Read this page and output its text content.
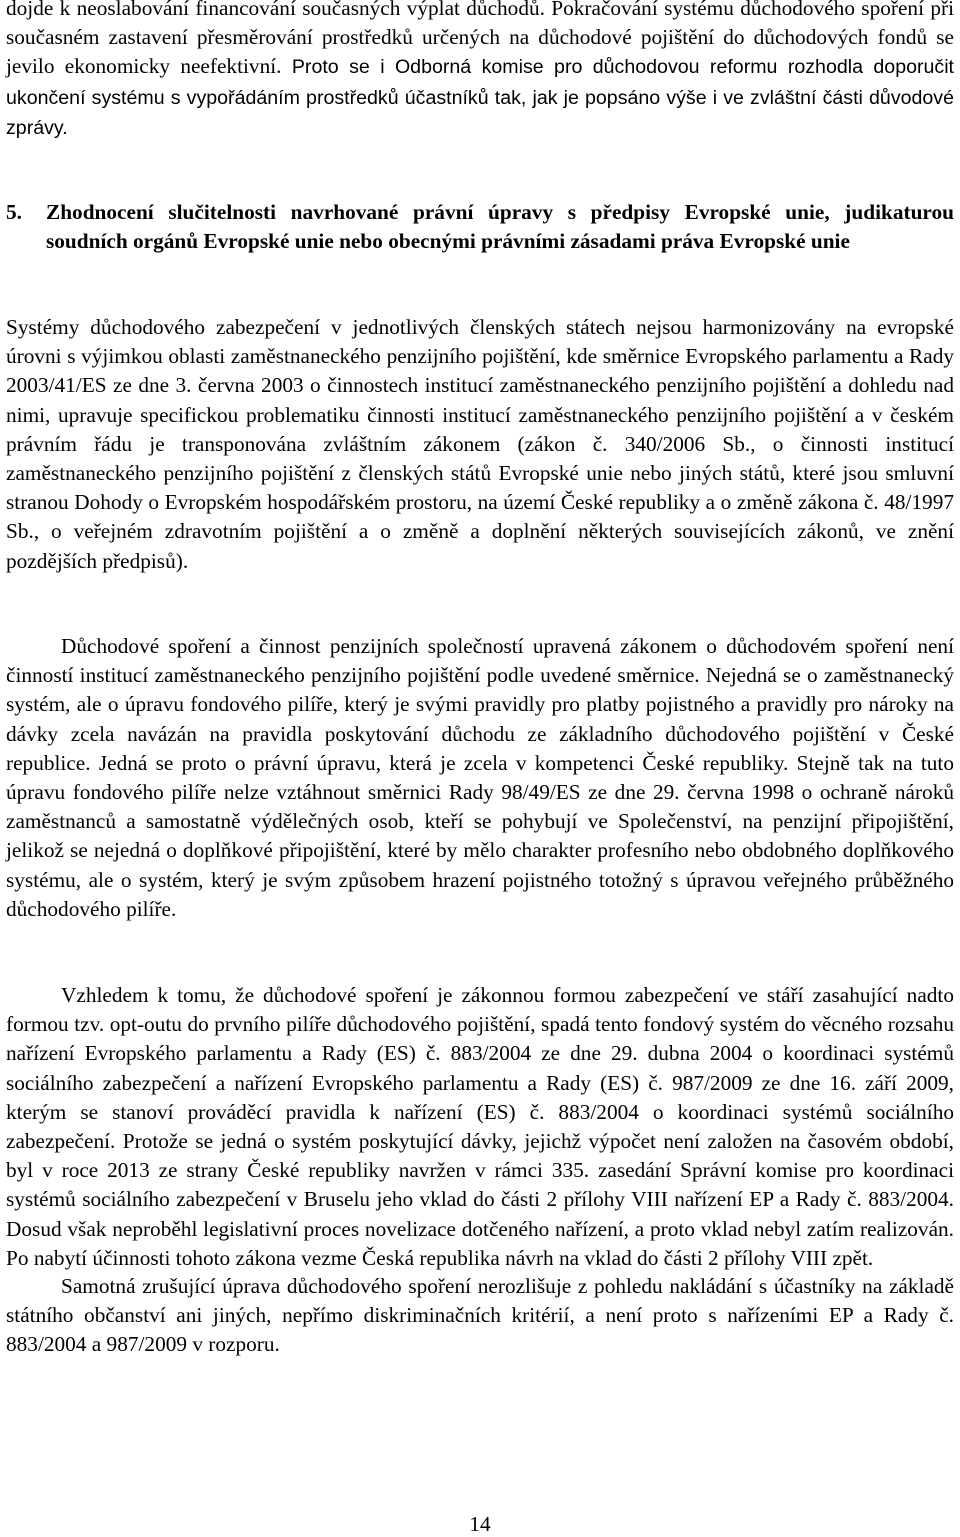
dojde k neoslabování financování současných výplat důchodů. Pokračování systému důchodového spoření při současném zastavení přesměrování prostředků určených na důchodové pojištění do důchodových fondů se jevilo ekonomicky neefektivní. Proto se i Odborná komise pro důchodovou reformu rozhodla doporučit ukončení systému s vypořádáním prostředků účastníků tak, jak je popsáno výše i ve zvláštní části důvodové zprávy.

5.	Zhodnocení slučitelnosti navrhované právní úpravy s předpisy Evropské unie, judikaturou soudních orgánů Evropské unie nebo obecnými právními zásadami práva Evropské unie

Systémy důchodového zabezpečení v jednotlivých členských státech nejsou harmonizovány na evropské úrovni s výjimkou oblasti zaměstnaneckého penzijního pojištění, kde směrnice Evropského parlamentu a Rady 2003/41/ES ze dne 3. června 2003 o činnostech institucí zaměstnaneckého penzijního pojištění a dohledu nad nimi, upravuje specifickou problematiku činnosti institucí zaměstnaneckého penzijního pojištění a v českém právním řádu je transponována zvláštním zákonem (zákon č. 340/2006 Sb., o činnosti institucí zaměstnaneckého penzijního pojištění z členských států Evropské unie nebo jiných států, které jsou smluvní stranou Dohody o Evropském hospodářském prostoru, na území České republiky a o změně zákona č. 48/1997 Sb., o veřejném zdravotním pojištění a o změně a doplnění některých souvisejících zákonů, ve znění pozdějších předpisů).

Důchodové spoření a činnost penzijních společností upravená zákonem o důchodovém spoření není činností institucí zaměstnaneckého penzijního pojištění podle uvedené směrnice. Nejedná se o zaměstnanecký systém, ale o úpravu fondového pilíře, který je svými pravidly pro platby pojistného a pravidly pro nároky na dávky zcela navázán na pravidla poskytování důchodu ze základního důchodového pojištění v České republice. Jedná se proto o právní úpravu, která je zcela v kompetenci České republiky. Stejně tak na tuto úpravu fondového pilíře nelze vztáhnout směrnici Rady 98/49/ES ze dne 29. června 1998 o ochraně nároků zaměstnanců a samostatně výdělečných osob, kteří se pohybují ve Společenství, na penzijní připojištění, jelikož se nejedná o doplňkové připojištění, které by mělo charakter profesního nebo obdobného doplňkového systému, ale o systém, který je svým způsobem hrazení pojistného totožný s úpravou veřejného průběžného důchodového pilíře.

Vzhledem k tomu, že důchodové spoření je zákonnou formou zabezpečení ve stáří zasahující nadto formou tzv. opt-outu do prvního pilíře důchodového pojištění, spadá tento fondový systém do věcného rozsahu nařízení Evropského parlamentu a Rady (ES) č. 883/2004 ze dne 29. dubna 2004 o koordinaci systémů sociálního zabezpečení a nařízení Evropského parlamentu a Rady (ES) č. 987/2009 ze dne 16. září 2009, kterým se stanoví prováděcí pravidla k nařízení (ES) č. 883/2004 o koordinaci systémů sociálního zabezpečení. Protože se jedná o systém poskytující dávky, jejichž výpočet není založen na časovém období, byl v roce 2013 ze strany České republiky navržen v rámci 335. zasedání Správní komise pro koordinaci systémů sociálního zabezpečení v Bruselu jeho vklad do části 2 přílohy VIII nařízení EP a Rady č. 883/2004. Dosud však neproběhl legislativní proces novelizace dotčeného nařízení, a proto vklad nebyl zatím realizován. Po nabytí účinnosti tohoto zákona vezme Česká republika návrh na vklad do části 2 přílohy VIII zpět.

Samotná zrušující úprava důchodového spoření nerozlišuje z pohledu nakládání s účastníky na základě státního občanství ani jiných, nepřímo diskriminačních kritérií, a není proto s nařízeními EP a Rady č. 883/2004 a 987/2009 v rozporu.

14
